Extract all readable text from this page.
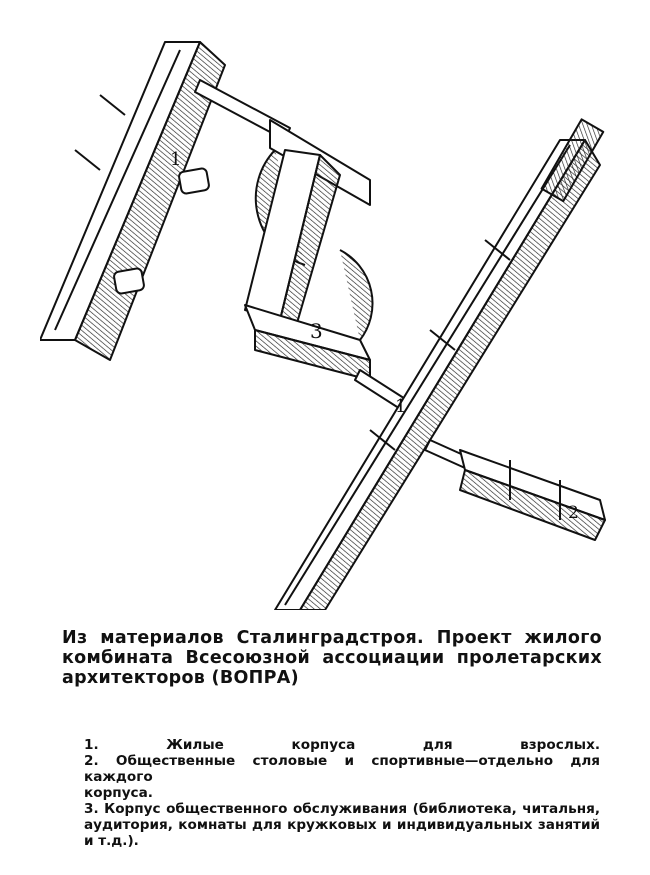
3
1
2
1
Из материалов Сталинградстроя. Проект жилого
комбината Всесоюзной ассоциации пролетарских
архитекторов (ВОПРА)
1.	Жилые корпуса для взрослых.
2. Общественные столовые и спортивные—отдельно для каждого
корпуса.
3. Корпус общественного обслуживания (библиотека, читальня,
аудитория, комнаты для кружковых и индивидуальных занятий и т.д.).
